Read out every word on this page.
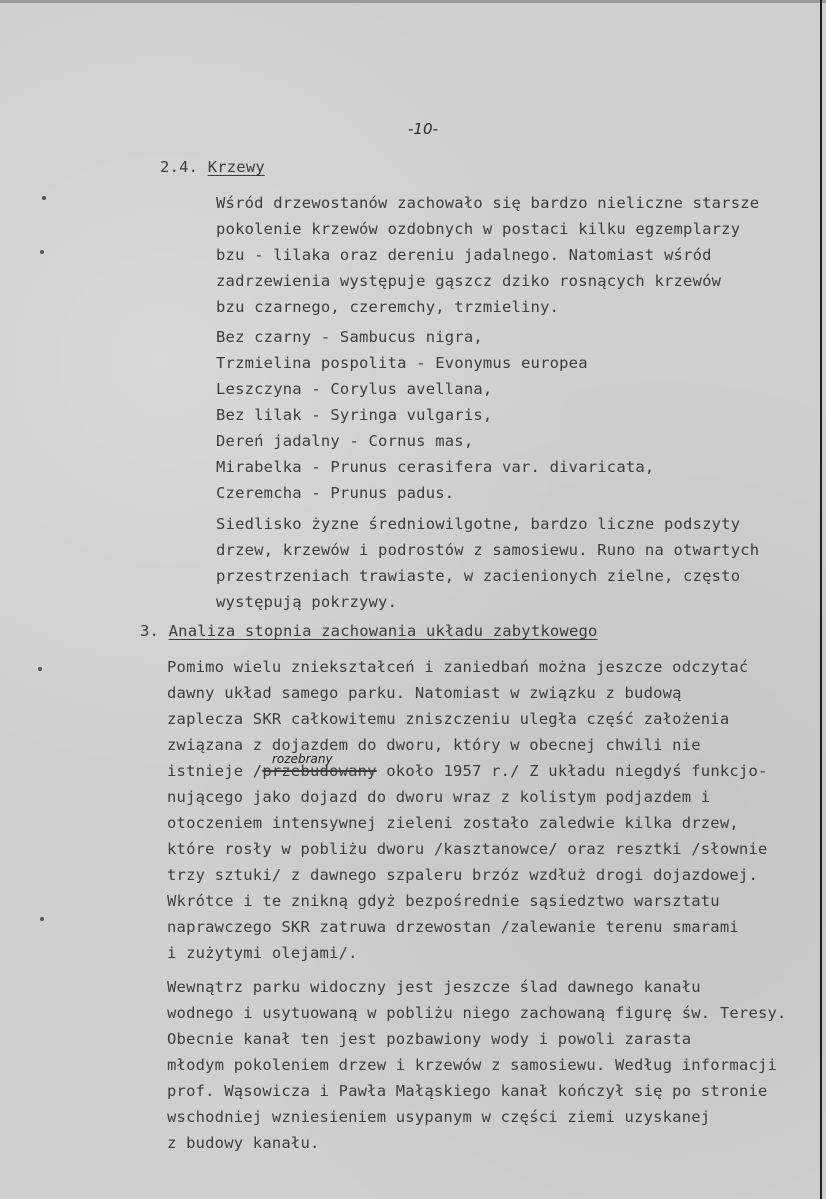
-10-
2.4. Krzewy
Wśród drzewostanów zachowało się bardzo nieliczne starsze
pokolenie krzewów ozdobnych w postaci kilku egzemplarzy
bzu - lilaka oraz dereniu jadalnego. Natomiast wśród
zadrzewienia występuje gąszcz dziko rosnących krzewów
bzu czarnego, czeremchy, trzmieliny.
Bez czarny - Sambucus nigra,
Trzmielina pospolita - Evonymus europea
Leszczyna - Corylus avellana,
Bez lilak - Syringa vulgaris,
Dereń jadalny - Cornus mas,
Mirabelka - Prunus cerasifera var. divaricata,
Czeremcha - Prunus padus.
Siedlisko żyzne średniowilgotne, bardzo liczne podszyty
drzew, krzewów i podrostów z samosiewu. Runo na otwartych
przestrzeniach trawiaste, w zacienionych zielne, często
występują pokrzywy.
3. Analiza stopnia zachowania układu zabytkowego
Pomimo wielu zniekształceń i zaniedbań można jeszcze odczytać
dawny układ samego parku. Natomiast w związku z budową
zaplecza SKR całkowitemu zniszczeniu uległa część założenia
związana z dojazdem do dworu, który w obecnej chwili nie
istnieje /przebudowany około 1957 r./ Z układu niegdyś funkcjo-
rozebrany
nującego jako dojazd do dworu wraz z kolistym podjazdem i
otoczeniem intensywnej zieleni zostało zaledwie kilka drzew,
które rosły w pobliżu dworu /kasztanowce/ oraz resztki /słownie
trzy sztuki/ z dawnego szpaleru brzóz wzdłuż drogi dojazdowej.
Wkrótce i te znikną gdyż bezpośrednie sąsiedztwo warsztatu
naprawczego SKR zatruwa drzewostan /zalewanie terenu smarami
i zużytymi olejami/.
Wewnątrz parku widoczny jest jeszcze ślad dawnego kanału
wodnego i usytuowaną w pobliżu niego zachowaną figurę św. Teresy.
Obecnie kanał ten jest pozbawiony wody i powoli zarasta
młodym pokoleniem drzew i krzewów z samosiewu. Według informacji
prof. Wąsowicza i Pawła Małąskiego kanał kończył się po stronie
wschodniej wzniesieniem usypanym w części ziemi uzyskanej
z budowy kanału.
